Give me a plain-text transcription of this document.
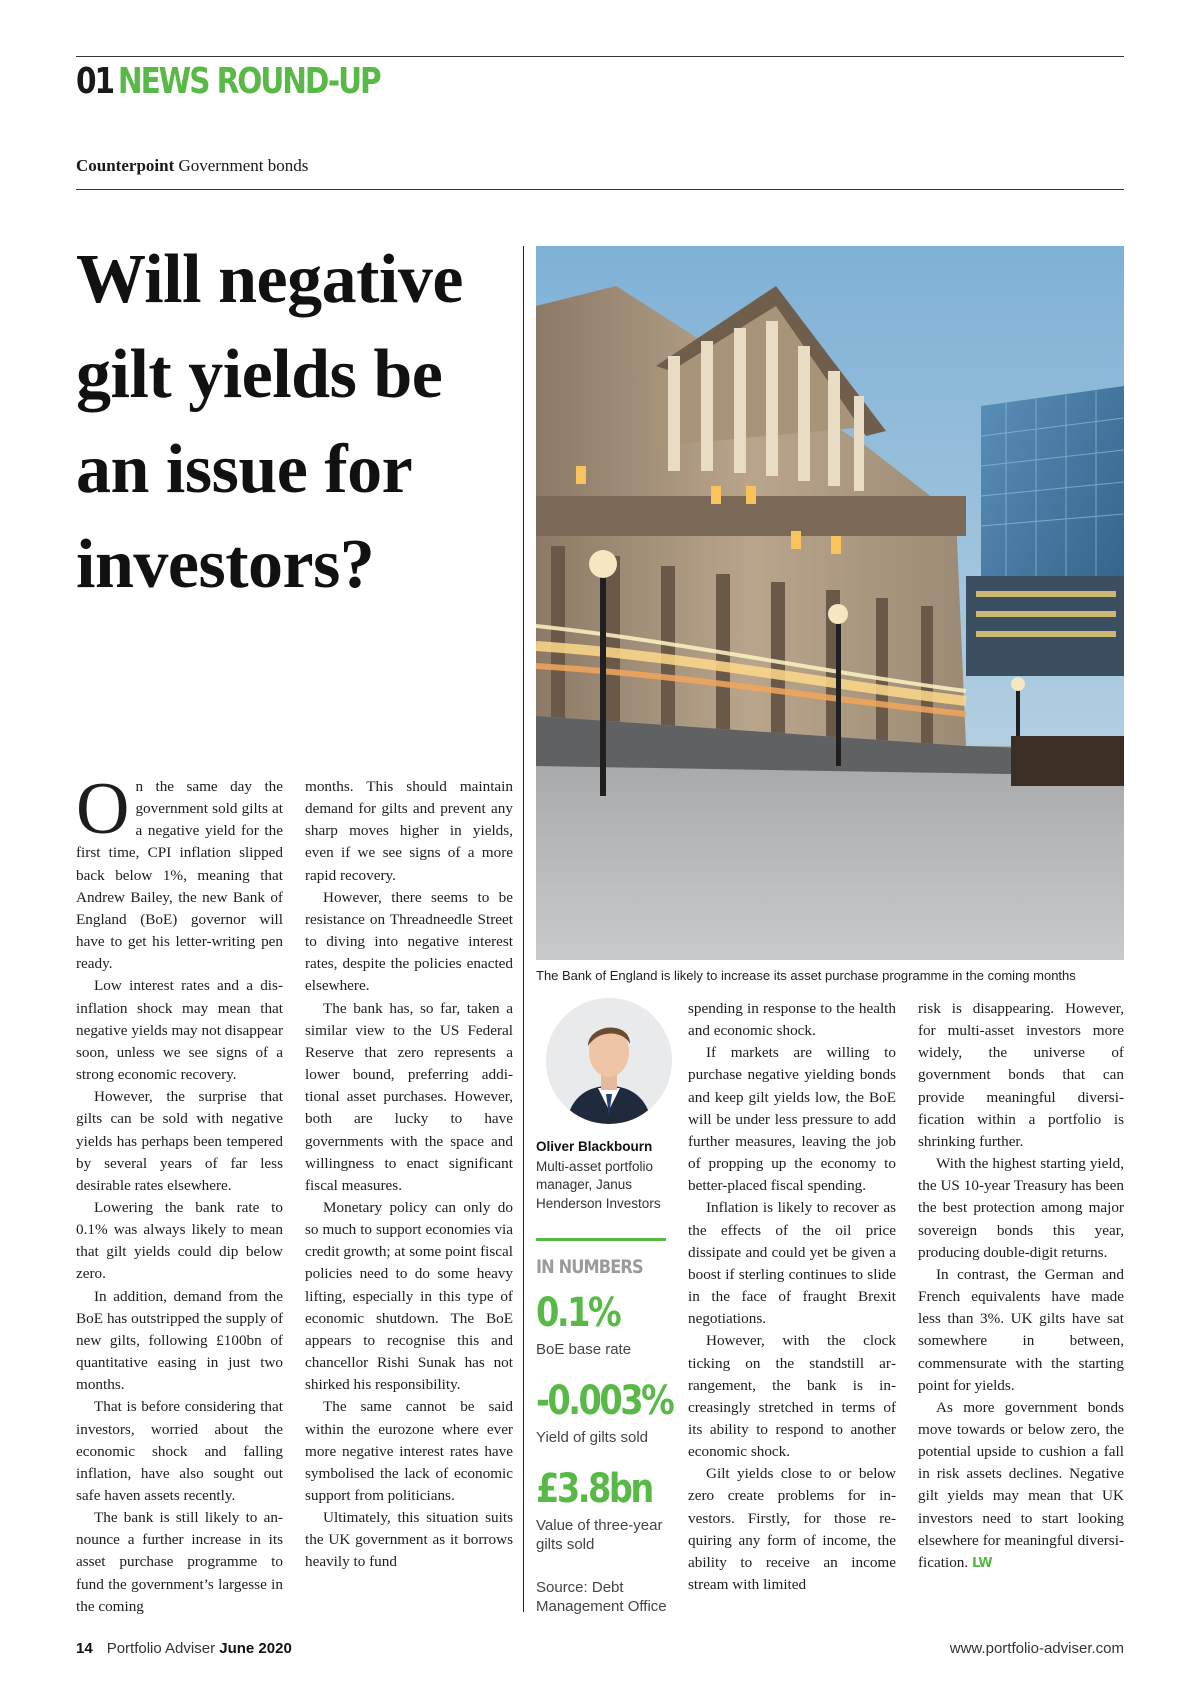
01 NEWS ROUND-UP
Counterpoint Government bonds
Will negative gilt yields be an issue for investors?
The Bank of England is likely to increase its asset purchase programme in the coming months

On the same day the government sold gilts at a negative yield for the first time, CPI inflation slipped back below 1%, meaning that Andrew Bailey, the new Bank of England (BoE) governor will have to get his letter-writing pen ready.

Low interest rates and a disinflation shock may mean that negative yields may not disappear soon, unless we see signs of a strong economic recovery.

However, the surprise that gilts can be sold with negative yields has perhaps been tempered by several years of far less desirable rates elsewhere.

Lowering the bank rate to 0.1% was always likely to mean that gilt yields could dip below zero.

In addition, demand from the BoE has outstripped the supply of new gilts, following £100bn of quantitative easing in just two months.

That is before considering that investors, worried about the economic shock and falling inflation, have also sought out safe haven assets recently.

The bank is still likely to announce a further increase in its asset purchase programme to fund the government’s largesse in the coming

months. This should maintain demand for gilts and prevent any sharp moves higher in yields, even if we see signs of a more rapid recovery.

However, there seems to be resistance on Threadneedle Street to diving into negative interest rates, despite the policies enacted elsewhere.

The bank has, so far, taken a similar view to the US Federal Reserve that zero represents a lower bound, preferring additional asset purchases. However, both are lucky to have governments with the space and willingness to enact significant fiscal measures.

Monetary policy can only do so much to support economies via credit growth; at some point fiscal policies need to do some heavy lifting, especially in this type of economic shutdown. The BoE appears to recognise this and chancellor Rishi Sunak has not shirked his responsibility.

The same cannot be said within the eurozone where ever more negative interest rates have symbolised the lack of economic support from politicians.

Ultimately, this situation suits the UK government as it borrows heavily to fund

Oliver Blackbourn
Multi-asset portfolio manager, Janus Henderson Investors
IN NUMBERS
0.1%
BoE base rate
-0.003%
Yield of gilts sold
£3.8bn
Value of three-year gilts sold
Source: Debt Management Office

spending in response to the health and economic shock.

If markets are willing to purchase negative yielding bonds and keep gilt yields low, the BoE will be under less pressure to add further measures, leaving the job of propping up the economy to better-placed fiscal spending.

Inflation is likely to recover as the effects of the oil price dissipate and could yet be given a boost if sterling continues to slide in the face of fraught Brexit negotiations.

However, with the clock ticking on the standstill arrangement, the bank is increasingly stretched in terms of its ability to respond to another economic shock.

Gilt yields close to or below zero create problems for investors. Firstly, for those requiring any form of income, the ability to receive an income stream with limited

risk is disappearing. However, for multi-asset investors more widely, the universe of government bonds that can provide meaningful diversification within a portfolio is shrinking further.

With the highest starting yield, the US 10-year Treasury has been the best protection among major sovereign bonds this year, producing double-digit returns.

In contrast, the German and French equivalents have made less than 3%. UK gilts have sat somewhere in between, commensurate with the starting point for yields.

As more government bonds move towards or below zero, the potential upside to cushion a fall in risk assets declines. Negative gilt yields may mean that UK investors need to start looking elsewhere for meaningful diversification. LW

14 Portfolio Adviser June 2020	www.portfolio-adviser.com
